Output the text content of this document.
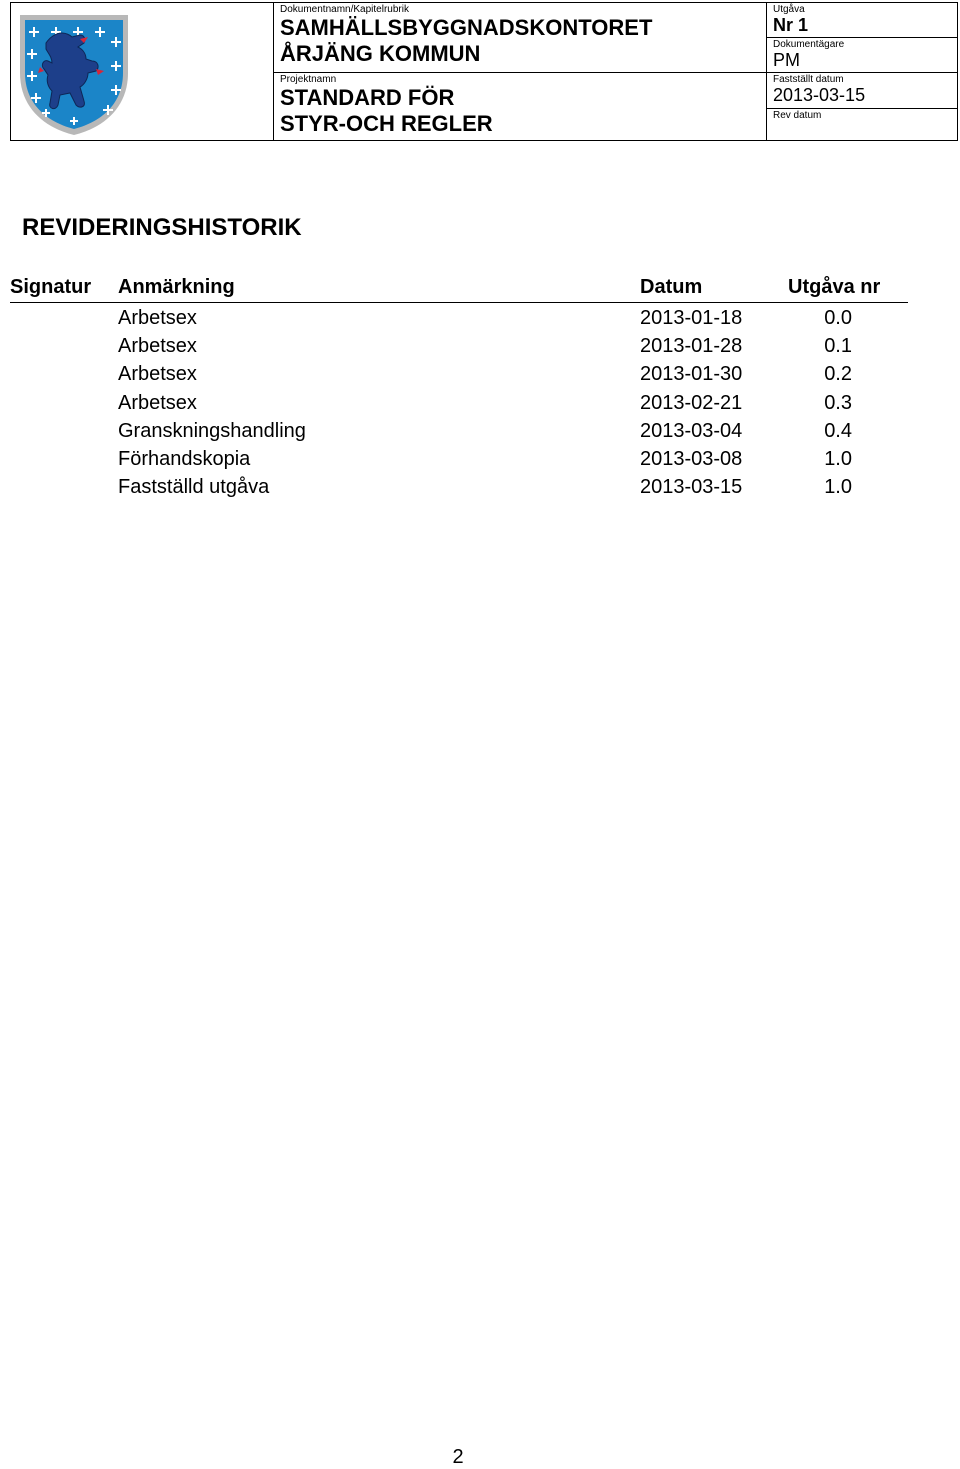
Dokumentnamn/Kapitelrubrik
SAMHÄLLSBYGGNADSKONTORET
ÅRJÄNG KOMMUN
Projektnamn
STANDARD FÖR
STYR-OCH REGLER
Utgåva
Nr 1
Dokumentägare
PM
Fastställt datum
2013-03-15
Rev datum
REVIDERINGSHISTORIK
Signatur Anmärkning	Datum	Utgåva nr
Arbetsex	2013-01-18	0.0
Arbetsex	2013-01-28	0.1
Arbetsex	2013-01-30	0.2
Arbetsex	2013-02-21	0.3
Granskningshandling	2013-03-04	0.4
Förhandskopia	2013-03-08	1.0
Fastställd utgåva	2013-03-15	1.0
2
